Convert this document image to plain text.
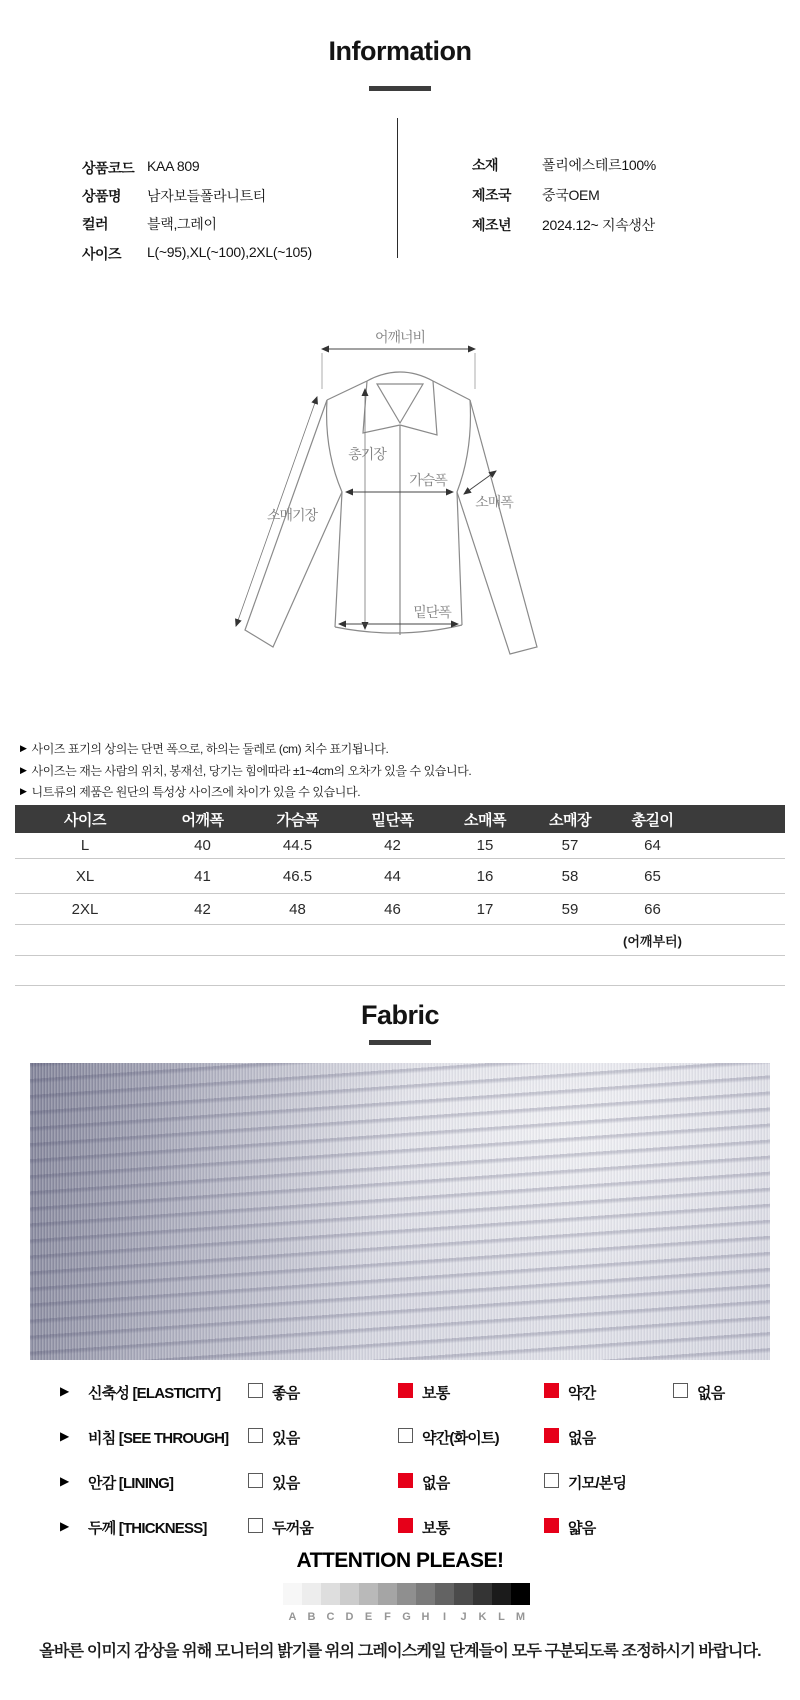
Information
상품코드 KAA 809
상품명 남자보들폴라니트티
컬러	블랙,그레이
사이즈 L(~95),XL(~100),2XL(~105)
소재	폴리에스테르100%
제조국 중국OEM
제조년 2024.12~ 지속생산
어깨너비
총기장
가슴폭
소매폭
소매기장
밑단폭
▶ 사이즈 표기의 상의는 단면 폭으로, 하의는 둘레로 (cm) 치수 표기됩니다.
▶ 사이즈는 재는 사람의 위치, 봉재선, 당기는 힘에따라 ±1~4cm의 오차가 있을 수 있습니다.
▶ 니트류의 제품은 원단의 특성상 사이즈에 차이가 있을 수 있습니다.
사이즈	어깨폭	가슴폭	밑단폭	소매폭	소매장	총길이
L	40	44.5	42	15	57	64
XL	41	46.5	44	16	58	65
2XL	42	48	46	17	59	66
(어깨부터)
Fabric
▶ 신축성 [ELASTICITY]	좋음	보통	약간	없음
▶ 비침 [SEE THROUGH]	있음	약간(화이트)	없음
▶ 안감 [LINING]	있음	없음	기모/본딩
▶ 두께 [THICKNESS]	두꺼움	보통	얇음
ATTENTION PLEASE!
A	B	C	D	E	F	G H	I	J	K	L	M
올바른 이미지 감상을 위해 모니터의 밝기를 위의 그레이스케일 단계들이 모두 구분되도록 조정하시기 바랍니다.
